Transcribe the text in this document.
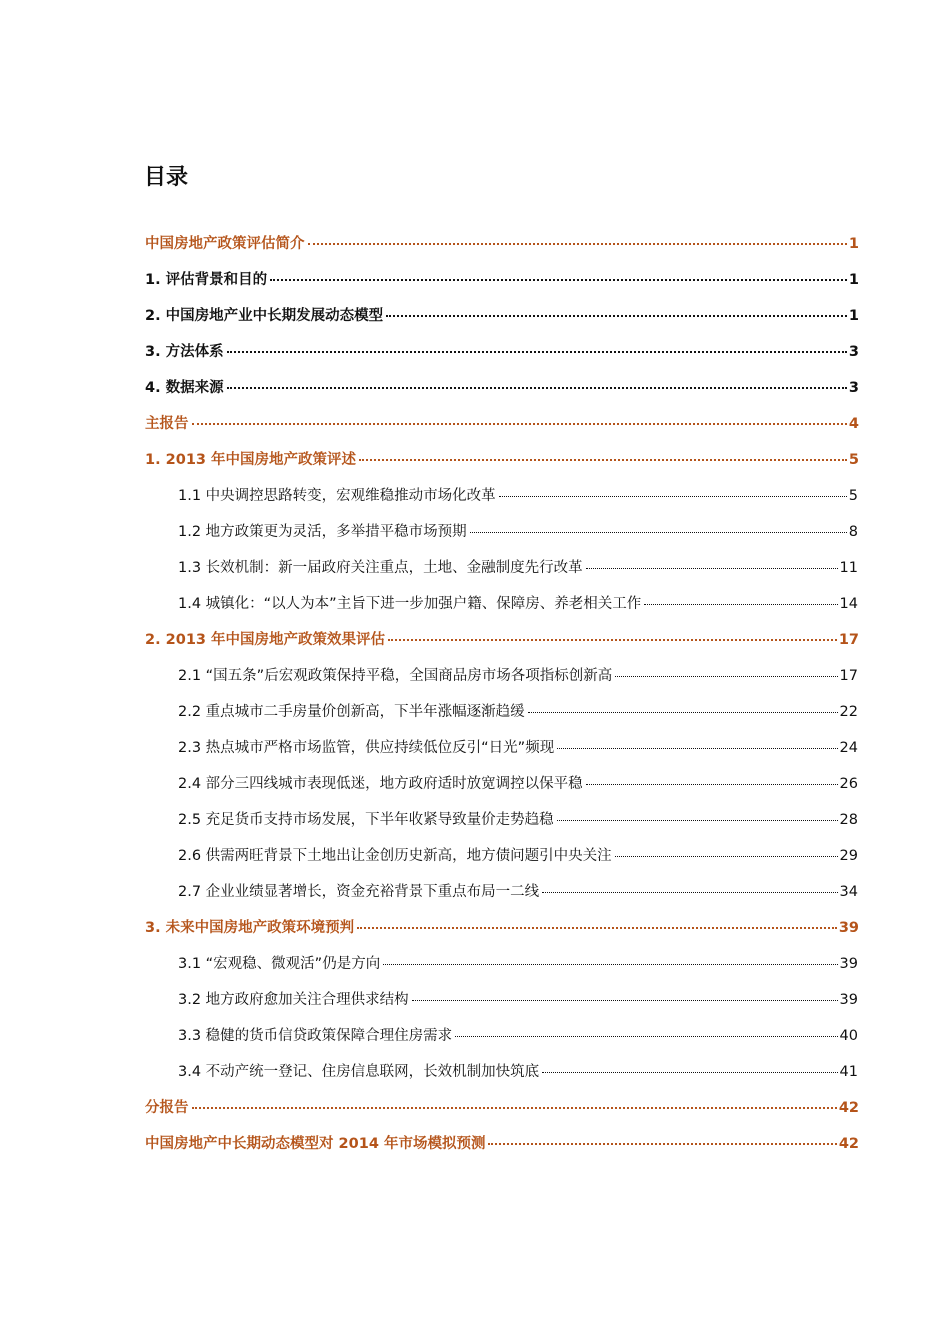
目录
中国房地产政策评估简介	1
1. 评估背景和目的	1
2. 中国房地产业中长期发展动态模型	1
3. 方法体系	3
4. 数据来源	3
主报告	4
1. 2013 年中国房地产政策评述	5
1.1 中央调控思路转变，宏观维稳推动市场化改革	5
1.2 地方政策更为灵活，多举措平稳市场预期	8
1.3 长效机制：新一届政府关注重点，土地、金融制度先行改革	11
1.4 城镇化：“以人为本”主旨下进一步加强户籍、保障房、养老相关工作	14
2. 2013 年中国房地产政策效果评估	17
2.1 “国五条”后宏观政策保持平稳，全国商品房市场各项指标创新高	17
2.2 重点城市二手房量价创新高，下半年涨幅逐渐趋缓	22
2.3 热点城市严格市场监管，供应持续低位反引“日光”频现	24
2.4 部分三四线城市表现低迷，地方政府适时放宽调控以保平稳	26
2.5 充足货币支持市场发展，下半年收紧导致量价走势趋稳	28
2.6 供需两旺背景下土地出让金创历史新高，地方债问题引中央关注	29
2.7 企业业绩显著增长，资金充裕背景下重点布局一二线	34
3. 未来中国房地产政策环境预判	39
3.1 “宏观稳、微观活”仍是方向	39
3.2 地方政府愈加关注合理供求结构	39
3.3 稳健的货币信贷政策保障合理住房需求	40
3.4 不动产统一登记、住房信息联网，长效机制加快筑底	41
分报告	42
中国房地产中长期动态模型对 2014 年市场模拟预测	42
